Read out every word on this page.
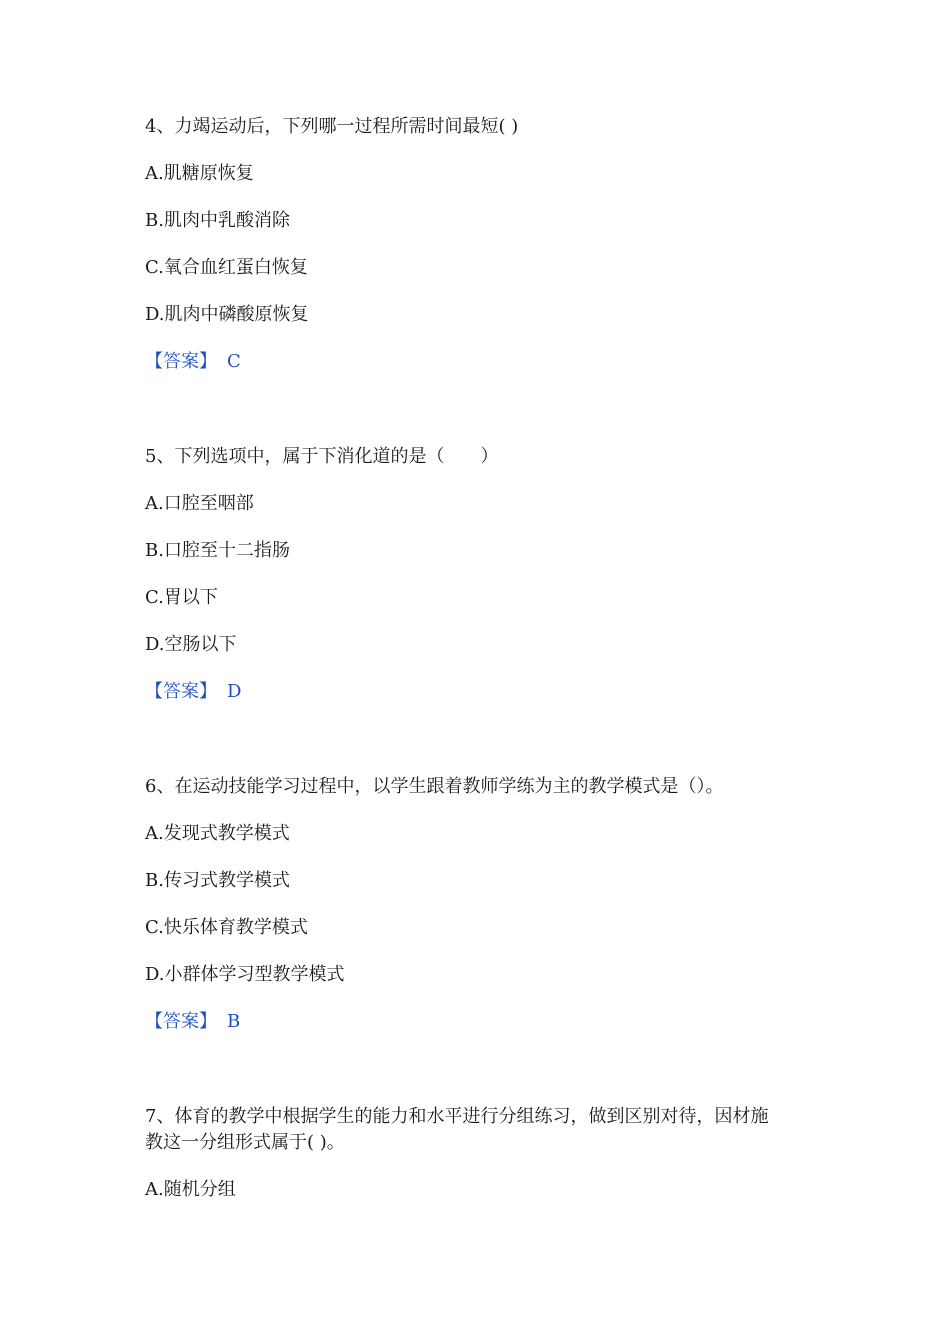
4、力竭运动后，下列哪一过程所需时间最短( )
A.肌糖原恢复
B.肌肉中乳酸消除
C.氧合血红蛋白恢复
D.肌肉中磷酸原恢复
【答案】 C
5、下列选项中，属于下消化道的是（　　）
A.口腔至咽部
B.口腔至十二指肠
C.胃以下
D.空肠以下
【答案】 D
6、在运动技能学习过程中，以学生跟着教师学练为主的教学模式是（）。
A.发现式教学模式
B.传习式教学模式
C.快乐体育教学模式
D.小群体学习型教学模式
【答案】 B
7、体育的教学中根据学生的能力和水平进行分组练习，做到区别对待，因材施
教这一分组形式属于( )。
A.随机分组
